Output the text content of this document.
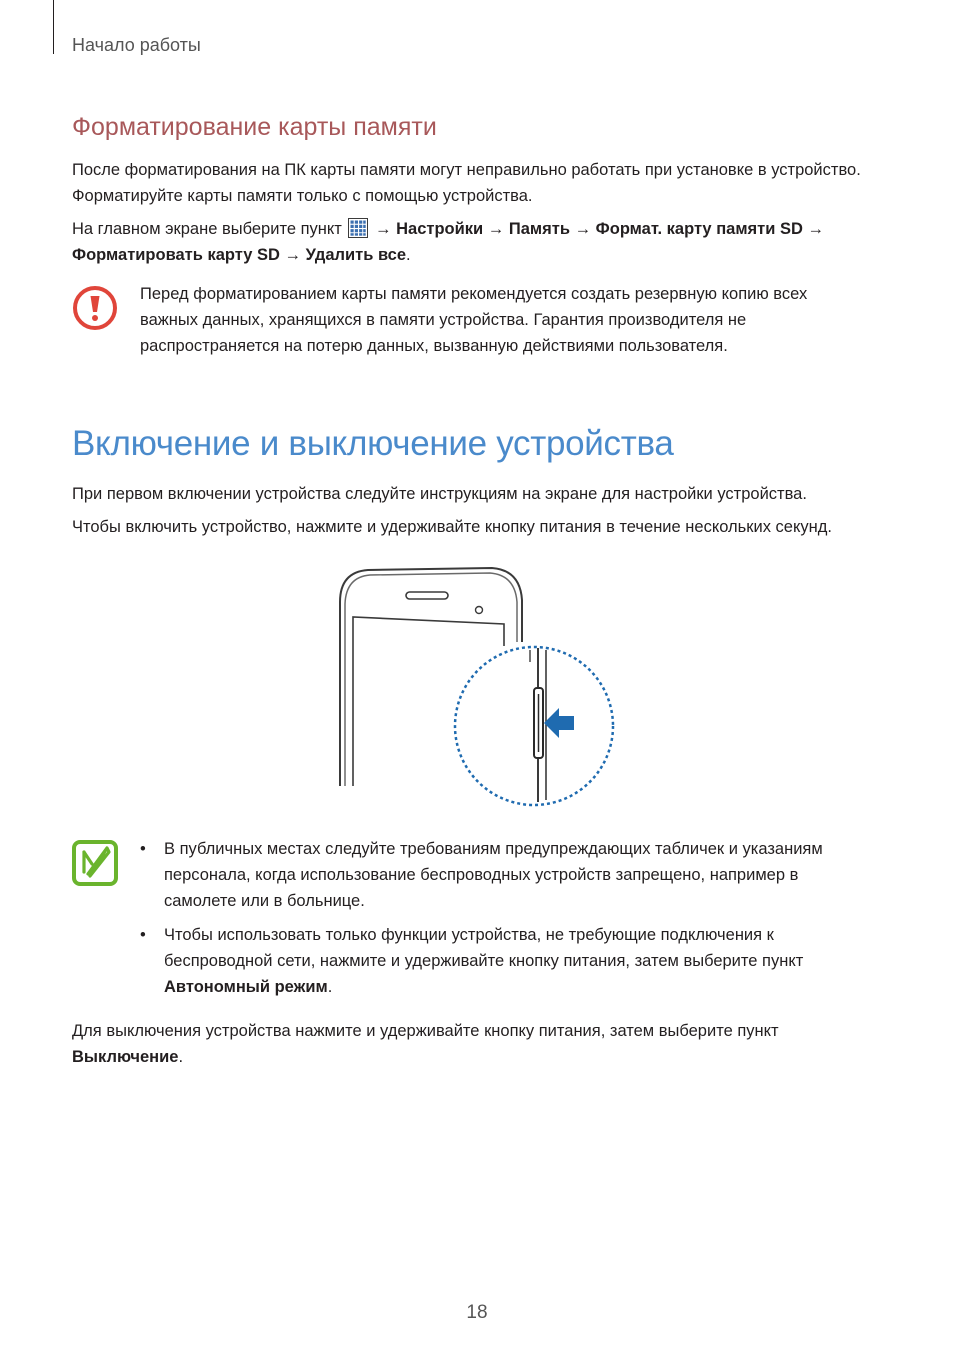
Начало работы
Форматирование карты памяти
После форматирования на ПК карты памяти могут неправильно работать при установке в устройство. Форматируйте карты памяти только с помощью устройства.
На главном экране выберите пункт → Настройки → Память → Формат. карту памяти SD →
Форматировать карту SD → Удалить все.
Перед форматированием карты памяти рекомендуется создать резервную копию всех важных данных, хранящихся в памяти устройства. Гарантия производителя не распространяется на потерю данных, вызванную действиями пользователя.
Включение и выключение устройства
При первом включении устройства следуйте инструкциям на экране для настройки устройства.
Чтобы включить устройство, нажмите и удерживайте кнопку питания в течение нескольких секунд.
• В публичных местах следуйте требованиям предупреждающих табличек и указаниям персонала, когда использование беспроводных устройств запрещено, например в самолете или в больнице.
• Чтобы использовать только функции устройства, не требующие подключения к беспроводной сети, нажмите и удерживайте кнопку питания, затем выберите пункт Автономный режим.
Для выключения устройства нажмите и удерживайте кнопку питания, затем выберите пункт Выключение.
18
